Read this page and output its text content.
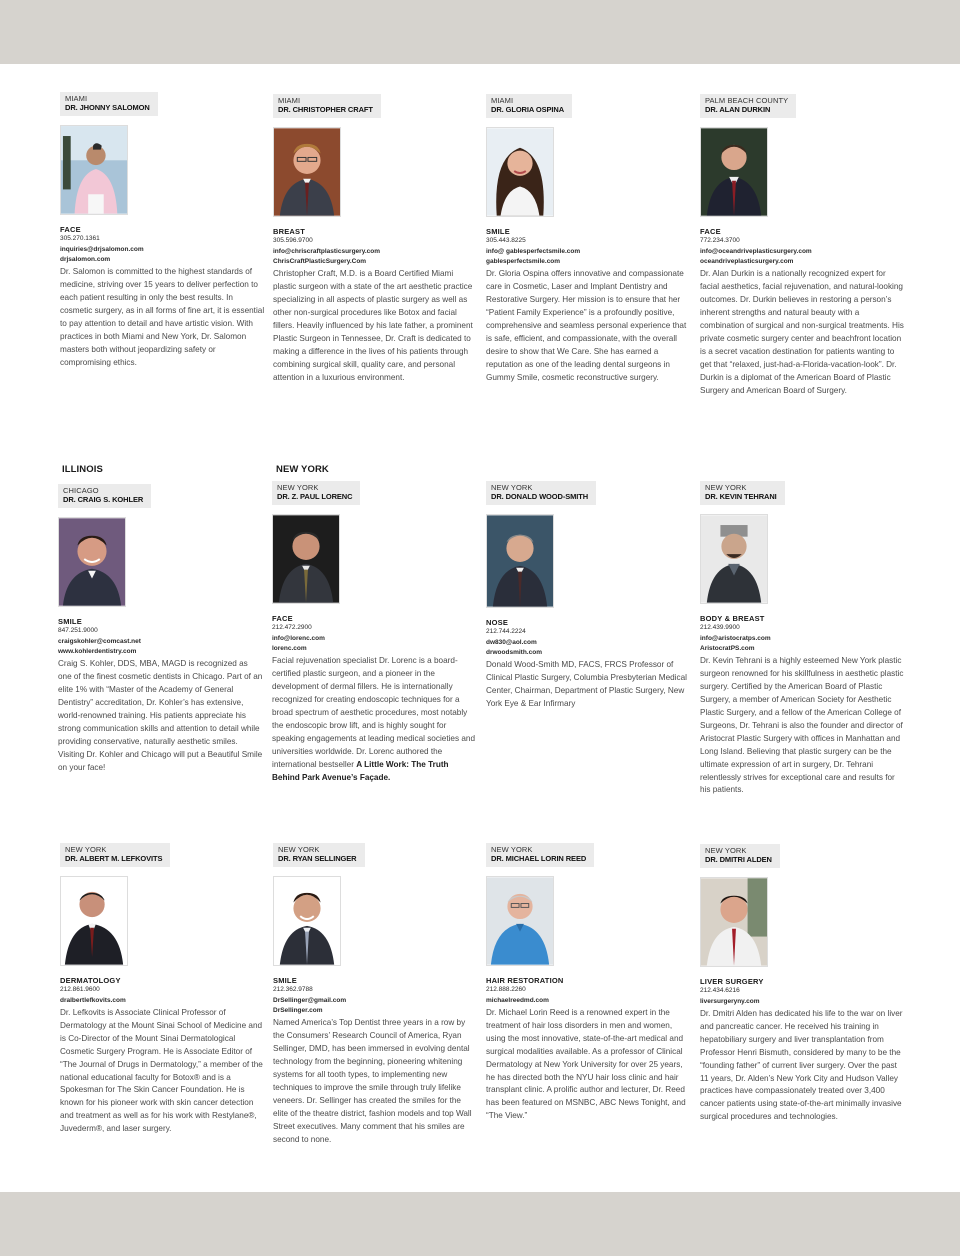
ILLINOIS	NEW YORK
MIAMI
DR. JHONNY SALOMON
FACE
305.270.1361
inquiries@drjsalomon.com
drjsalomon.com
Dr. Salomon is committed to the highest standards of medicine, striving over 15 years to deliver perfection to each patient resulting in only the best results. In cosmetic surgery, as in all forms of fine art, it is essential to pay attention to detail and have artistic vision. With practices in both Miami and New York, Dr. Salomon masters both without jeopardizing safety or compromising ethics.
MIAMI
DR. CHRISTOPHER CRAFT
BREAST
305.596.9700
info@chriscraftplasticsurgery.com
ChrisCraftPlasticSurgery.Com
Christopher Craft, M.D. is a Board Certified Miami plastic surgeon with a state of the art aesthetic practice specializing in all aspects of plastic surgery as well as other non-surgical procedures like Botox and facial fillers. Heavily influenced by his late father, a prominent Plastic Surgeon in Tennessee, Dr. Craft is dedicated to making a difference in the lives of his patients through combining surgical skill, quality care, and personal attention in a luxurious environment.
MIAMI
DR. GLORIA OSPINA
SMILE
305.443.8225
info@ gablesperfectsmile.com
gablesperfectsmile.com
Dr. Gloria Ospina offers innovative and compassionate care in Cosmetic, Laser and Implant Dentistry and Restorative Surgery. Her mission is to ensure that her “Patient Family Experience” is a profoundly positive, comprehensive and seamless personal experience that is safe, efficient, and compassionate, with the overall desire to show that We Care. She has earned a reputation as one of the leading dental surgeons in Gummy Smile, cosmetic reconstructive surgery.
PALM BEACH COUNTY
DR. ALAN DURKIN
FACE
772.234.3700
info@oceandriveplasticsurgery.com
oceandriveplasticsurgery.com
Dr. Alan Durkin is a nationally recognized expert for facial aesthetics, facial rejuvenation, and natural-looking outcomes. Dr. Durkin believes in restoring a person’s inherent strengths and natural beauty with a combination of surgical and non-surgical treatments. His private cosmetic surgery center and beachfront location is a secret vacation destination for patients wanting to get that “relaxed, just-had-a-Florida-vacation-look”. Dr. Durkin is a diplomat of the American Board of Plastic Surgery and American Board of Surgery.
CHICAGO
DR. CRAIG S. KOHLER
SMILE
847.251.9000
craigskohler@comcast.net
www.kohlerdentistry.com
Craig S. Kohler, DDS, MBA, MAGD is recognized as one of the finest cosmetic dentists in Chicago. Part of an elite 1% with “Master of the Academy of General Dentistry” accreditation, Dr. Kohler’s has extensive, world-renowned training. His patients appreciate his strong communication skills and attention to detail while providing conservative, naturally aesthetic smiles. Visiting Dr. Kohler and Chicago will put a Beautiful Smile on your face!
NEW YORK
DR. Z. PAUL LORENC
FACE
212.472.2900
info@lorenc.com
lorenc.com
Facial rejuvenation specialist Dr. Lorenc is a board-certified plastic surgeon, and a pioneer in the development of dermal fillers. He is internationally recognized for creating endoscopic techniques for a broad spectrum of aesthetic procedures, most notably the endoscopic brow lift, and is highly sought for speaking engagements at leading medical societies and universities worldwide. Dr. Lorenc authored the international bestseller A Little Work: The Truth Behind Park Avenue’s Façade.
NEW YORK
DR. DONALD WOOD-SMITH
NOSE
212.744.2224
dw830@aol.com
drwoodsmith.com
Donald Wood-Smith MD, FACS, FRCS Professor of Clinical Plastic Surgery, Columbia Presbyterian Medical Center, Chairman, Department of Plastic Surgery, New York Eye & Ear Infirmary
NEW YORK
DR. KEVIN TEHRANI
BODY & BREAST
212.439.9900
info@aristocratps.com
AristocratPS.com
Dr. Kevin Tehrani is a highly esteemed New York plastic surgeon renowned for his skillfulness in aesthetic plastic surgery. Certified by the American Board of Plastic Surgery, a member of American Society for Aesthetic Plastic Surgery, and a fellow of the American College of Surgeons, Dr. Tehrani is also the founder and director of Aristocrat Plastic Surgery with offices in Manhattan and Long Island. Believing that plastic surgery can be the ultimate expression of art in surgery, Dr. Tehrani relentlessly strives for exceptional care and results for his patients.
NEW YORK
DR. ALBERT M. LEFKOVITS
DERMATOLOGY
212.861.9600
dralbertlefkovits.com
Dr. Lefkovits is Associate Clinical Professor of Dermatology at the Mount Sinai School of Medicine and is Co-Director of the Mount Sinai Dermatological Cosmetic Surgery Program. He is Associate Editor of “The Journal of Drugs in Dermatology,” a member of the national educational faculty for Botox® and is a Spokesman for The Skin Cancer Foundation. He is known for his pioneer work with skin cancer detection and treatment as well as for his work with Restylane®, Juvederm®, and laser surgery.
NEW YORK
DR. RYAN SELLINGER
SMILE
212.362.9788
DrSellinger@gmail.com
DrSellinger.com
Named America’s Top Dentist three years in a row by the Consumers’ Research Council of America, Ryan Sellinger, DMD, has been immersed in evolving dental technology from the beginning, pioneering whitening systems for all tooth types, to implementing new techniques to improve the smile through truly lifelike veneers. Dr. Sellinger has created the smiles for the elite of the theatre district, fashion models and top Wall Street executives. Many comment that his smiles are second to none.
NEW YORK
DR. MICHAEL LORIN REED
HAIR RESTORATION
212.888.2260
michaelreedmd.com
Dr. Michael Lorin Reed is a renowned expert in the treatment of hair loss disorders in men and women, using the most innovative, state-of-the-art medical and surgical modalities available. As a professor of Clinical Dermatology at New York University for over 25 years, he has directed both the NYU hair loss clinic and hair transplant clinic. A prolific author and lecturer, Dr. Reed has been featured on MSNBC, ABC News Tonight, and “The View.”
NEW YORK
DR. DMITRI ALDEN
LIVER SURGERY
212.434.6216
liversurgeryny.com
Dr. Dmitri Alden has dedicated his life to the war on liver and pancreatic cancer. He received his training in hepatobiliary surgery and liver transplantation from Professor Henri Bismuth, considered by many to be the “founding father” of current liver surgery. Over the past 11 years, Dr. Alden’s New York City and Hudson Valley practices have compassionately treated over 3,400 cancer patients using state-of-the-art minimally invasive surgical procedures and technologies.
